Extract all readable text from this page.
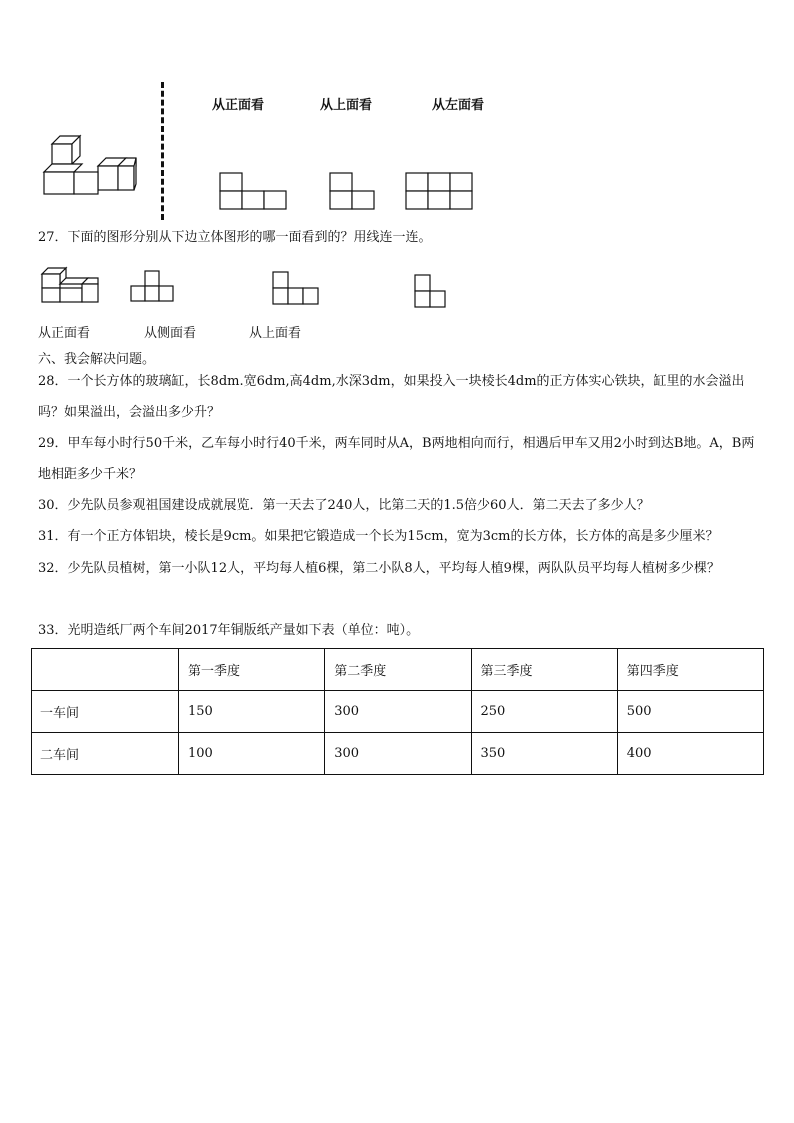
从正面看	从上面看	从左面看

27．下面的图形分别从下边立体图形的哪一面看到的？用线连一连。

从正面看	从侧面看	从上面看
六、我会解决问题。

28．一个长方体的玻璃缸，长8dm.宽6dm,高4dm,水深3dm，如果投入一块棱长4dm的正方体实心铁块，缸里的水会溢出吗？如果溢出，会溢出多少升？

29．甲车每小时行50千米，乙车每小时行40千米，两车同时从A，B两地相向而行，相遇后甲车又用2小时到达B地。A，B两地相距多少千米？

30．少先队员参观祖国建设成就展览．第一天去了240人，比第二天的1.5倍少60人．第二天去了多少人？

31．有一个正方体铝块，棱长是9cm。如果把它锻造成一个长为15cm，宽为3cm的长方体，长方体的高是多少厘米？

32．少先队员植树，第一小队12人，平均每人植6棵，第二小队8人，平均每人植9棵，两队队员平均每人植树多少棵？

33．光明造纸厂两个车间2017年铜版纸产量如下表（单位：吨）。

	第一季度	第二季度	第三季度	第四季度
一车间	150	300	250	500
二车间	100	300	350	400
